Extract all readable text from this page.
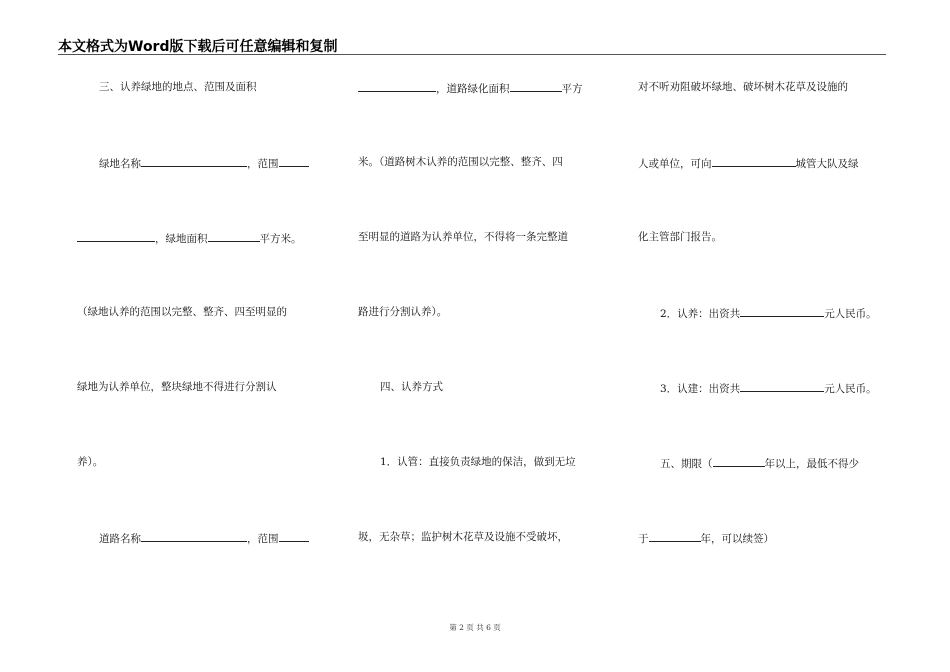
本文格式为Word版下载后可任意编辑和复制
三、认养绿地的地点、范围及面积
绿地名称	，范围
，绿地面积	平方米。
（绿地认养的范围以完整、整齐、四至明显的
绿地为认养单位，整块绿地不得进行分割认
养）。
道路名称	，范围
，道路绿化面积	平方
米。（道路树木认养的范围以完整、整齐、四
至明显的道路为认养单位，不得将一条完整道
路进行分割认养）。
四、认养方式
1．认管：直接负责绿地的保洁，做到无垃
圾，无杂草；监护树木花草及设施不受破坏，
对不听劝阻破坏绿地、破坏树木花草及设施的
人或单位，可向	城管大队及绿
化主管部门报告。
2．认养：出资共	元人民币。
3．认建：出资共	元人民币。
五、期限（	年以上，最低不得少
于	年，可以续签）
第 2 页 共 6 页
